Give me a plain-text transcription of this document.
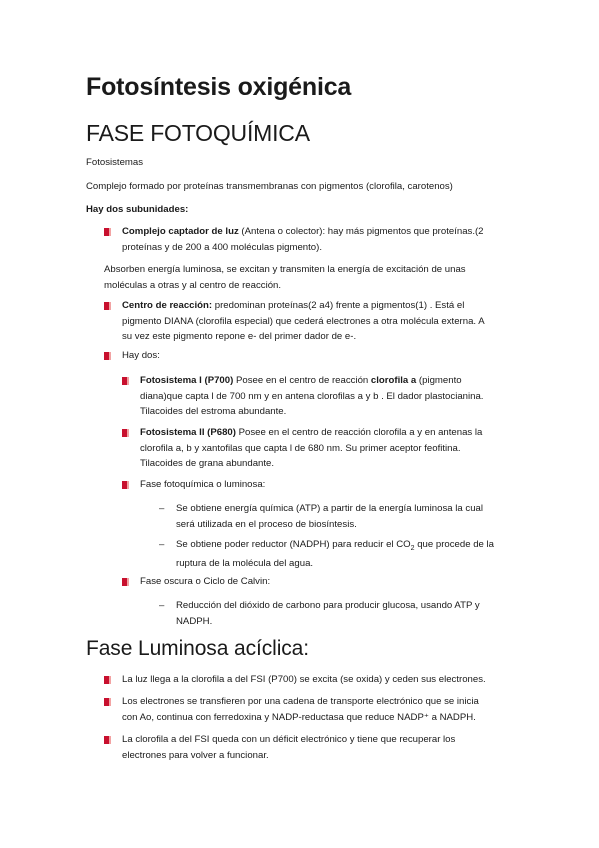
Fotosíntesis oxigénica
FASE FOTOQUÍMICA
Fotosistemas
Complejo formado por proteínas transmembranas con pigmentos (clorofila, carotenos)
Hay dos subunidades:
Complejo captador de luz (Antena o colector): hay más pigmentos que proteínas.(2
proteínas y de 200 a 400 moléculas pigmento).
Absorben energía luminosa, se excitan y transmiten la energía de excitación de unas
moléculas a otras y al centro de reacción.
Centro de reacción: predominan proteínas(2 a4) frente a pigmentos(1) . Está el
pigmento DIANA (clorofila especial) que cederá electrones a otra molécula externa. A
su vez este pigmento repone e- del primer dador de e-.
Hay dos:
Fotosistema I (P700) Posee en el centro de reacción clorofila a (pigmento
diana)que capta l de 700 nm y en antena clorofilas a y b . El dador plastocianina.
Tilacoides del estroma abundante.
Fotosistema II (P680) Posee en el centro de reacción clorofila a y en antenas la
clorofila a, b y xantofilas que capta l de 680 nm. Su primer aceptor feofitina.
Tilacoides de grana abundante.
Fase fotoquímica o luminosa:
– Se obtiene energía química (ATP) a partir de la energía luminosa la cual
será utilizada en el proceso de biosíntesis.
– Se obtiene poder reductor (NADPH) para reducir el $CO_2$ que procede de la
ruptura de la molécula del agua.
Fase oscura o Ciclo de Calvin:
– Reducción del dióxido de carbono para producir glucosa, usando ATP y
NADPH.
Fase Luminosa acíclica:
La luz llega a la clorofila a del FSI (P700) se excita (se oxida) y ceden sus electrones.
Los electrones se transfieren por una cadena de transporte electrónico que se inicia
con Ao, continua con ferredoxina y NADP-reductasa que reduce NADP⁺ a NADPH.
La clorofila a del FSI queda con un déficit electrónico y tiene que recuperar los
electrones para volver a funcionar.
